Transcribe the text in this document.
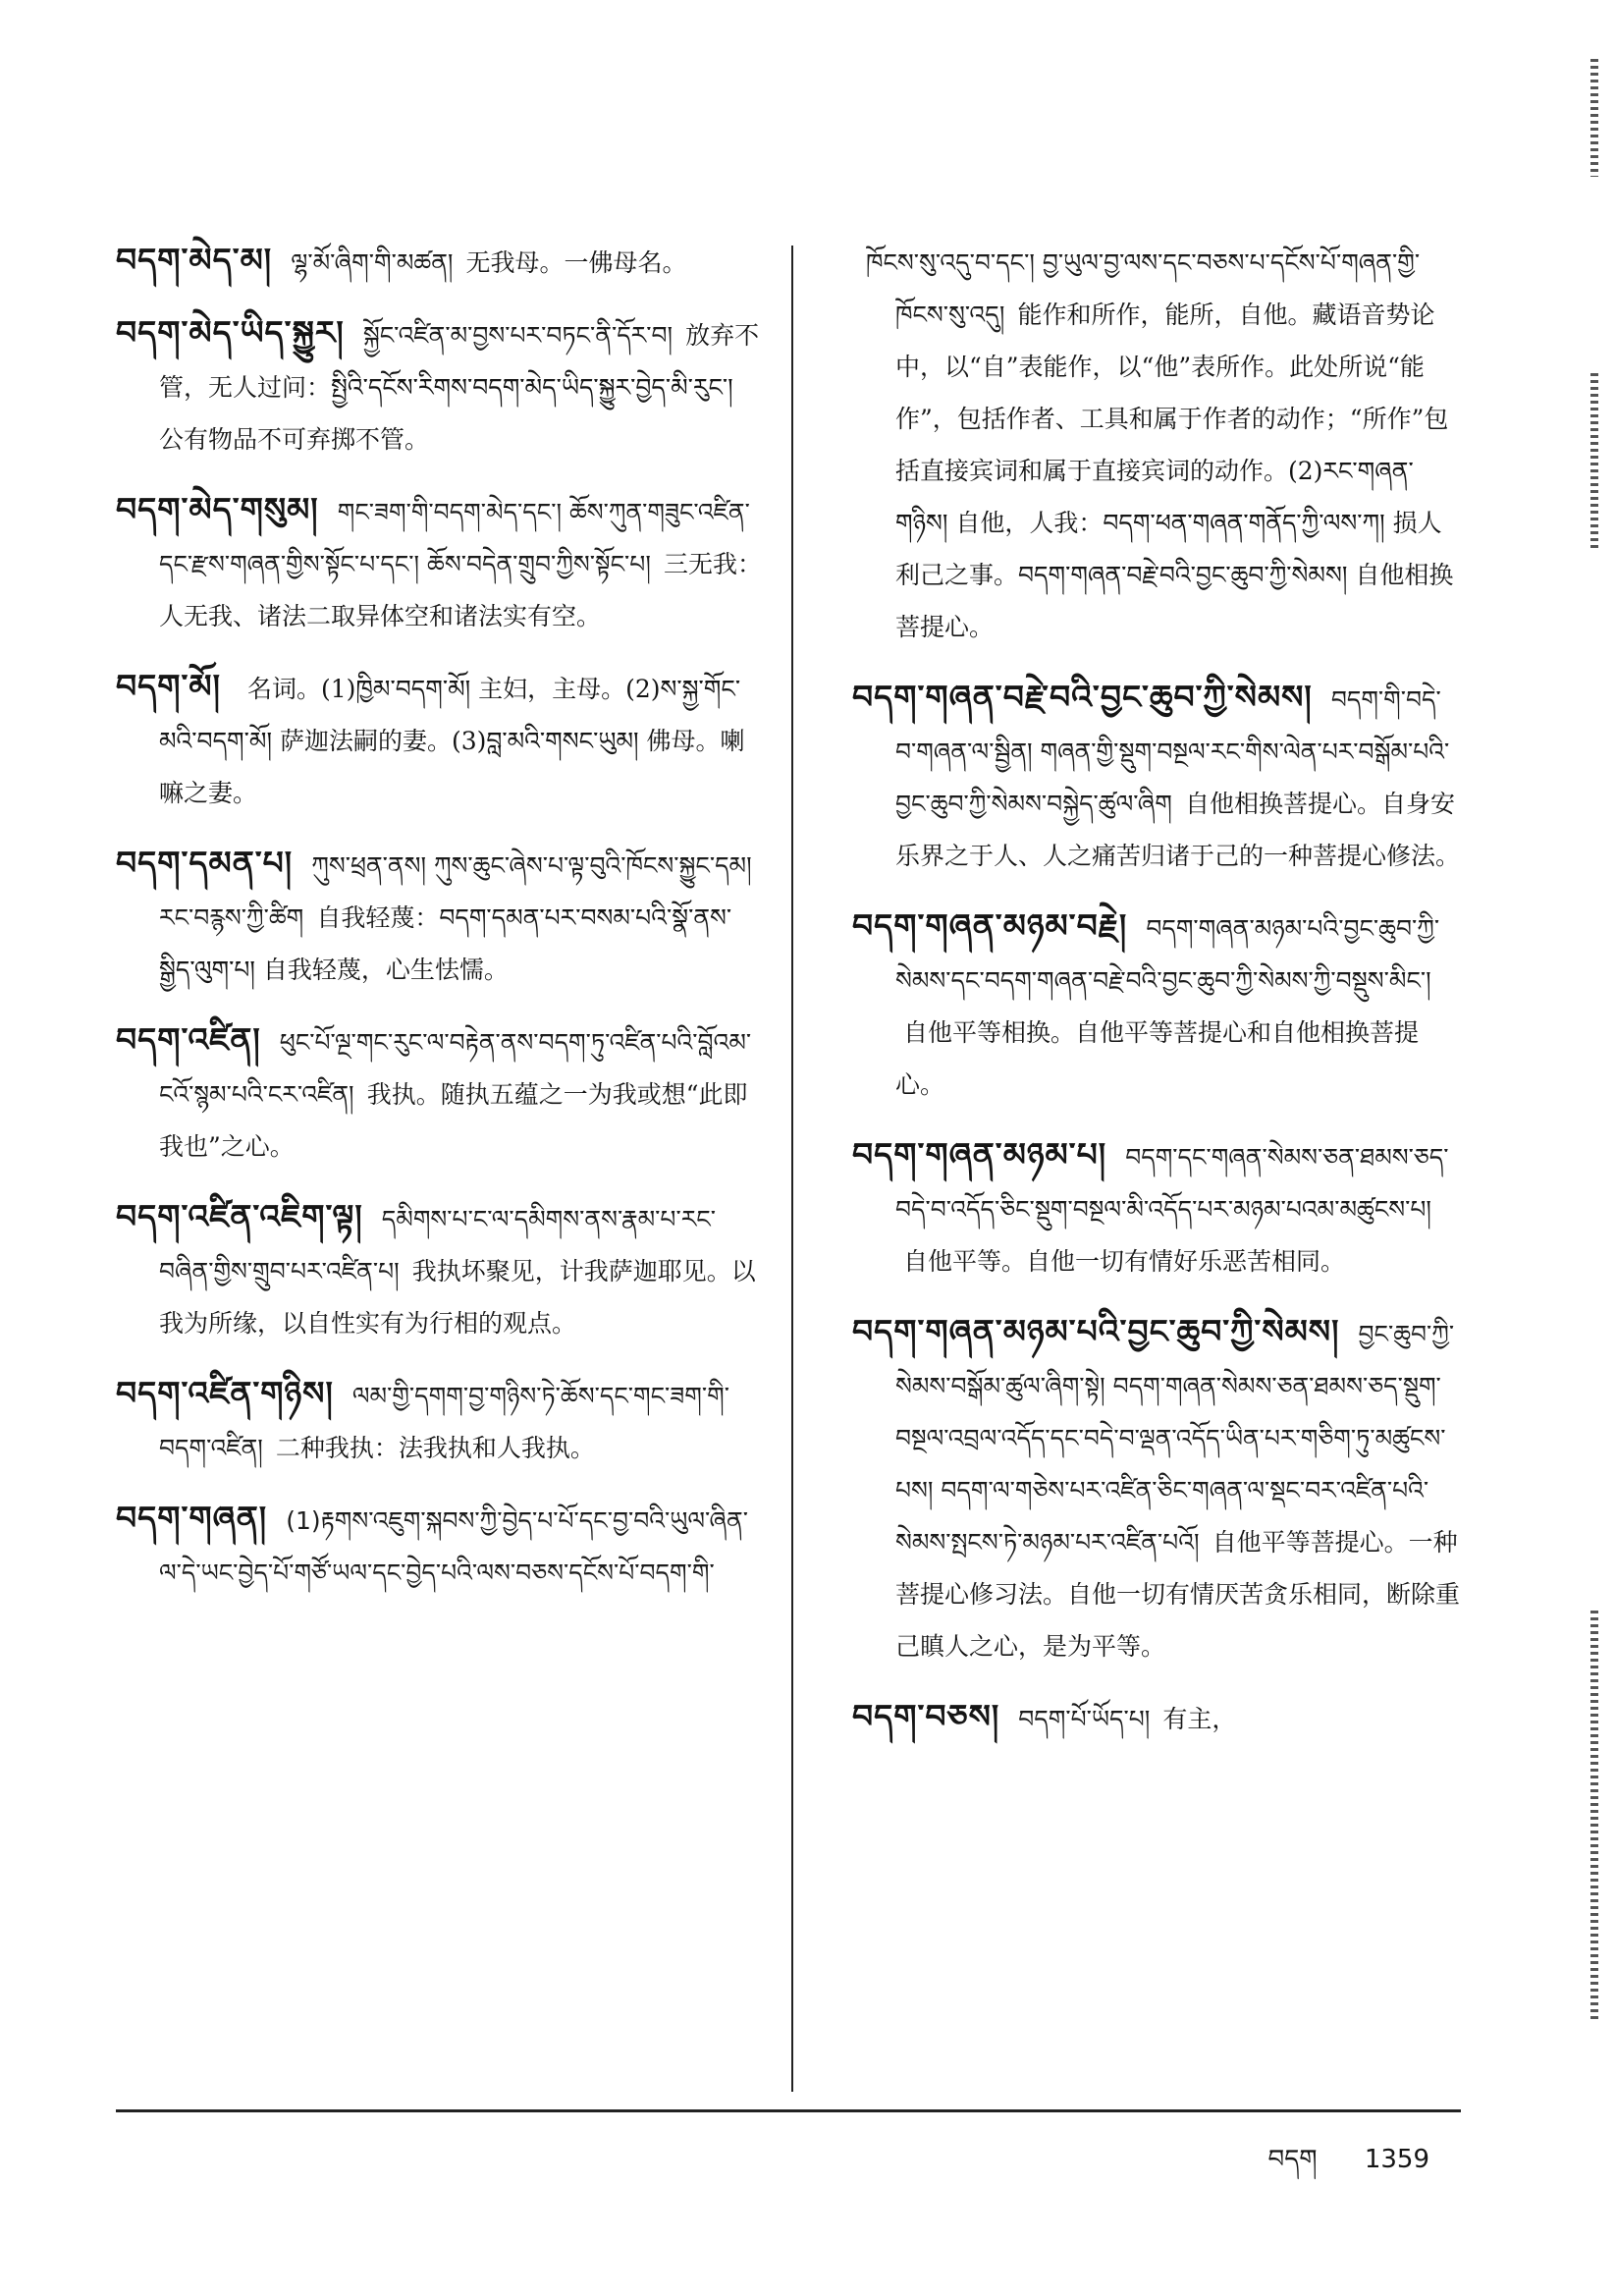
བདག་མེད་མ། ལྷ་མོ་ཞིག་གི་མཚན། 无我母。一佛母名。
བདག་མེད་ཡིད་སྐྱུར། སྐྱོང་འཛིན་མ་བྱས་པར་བཏང་ནི་དོར་བ། 放弃不管，无人过问：སྤྱིའི་དངོས་རིགས་བདག་མེད་ཡིད་སྐྱུར་བྱེད་མི་རུང་། 公有物品不可弃掷不管。
བདག་མེད་གསུམ། གང་ཟག་གི་བདག་མེད་དང་། ཆོས་ཀུན་གཟུང་འཛིན་དང་རྫས་གཞན་གྱིས་སྟོང་པ་དང་། ཆོས་བདེན་གྲུབ་ཀྱིས་སྟོང་པ། 三无我：人无我、诸法二取异体空和诸法实有空。
བདག་མོ། 名词。(1)ཁྱིམ་བདག་མོ། 主妇，主母。(2)ས་སྐྱ་གོང་མའི་བདག་མོ། 萨迦法嗣的妻。(3)བླ་མའི་གསང་ཡུམ། 佛母。喇嘛之妻。
བདག་དམན་པ། ཀུས་ཕྲན་ནས། ཀུས་ཆུང་ཞེས་པ་ལྟ་བུའི་ཁོངས་སྐྱུང་དམ། རང་བརྙས་ཀྱི་ཚིག 自我轻蔑：བདག་དམན་པར་བསམ་པའི་སྣོ་ནས་སྒྱིད་ལུག་པ། 自我轻蔑，心生怯懦。
བདག་འཛིན། ཕུང་པོ་ལྔ་གང་རུང་ལ་བརྟེན་ནས་བདག་ཏུ་འཛིན་པའི་བློའམ་ངའོ་སྙམ་པའི་ངར་འཛིན། 我执。随执五蕴之一为我或想“此即我也”之心。
བདག་འཛིན་འཇིག་ལྟ། དམིགས་པ་ང་ལ་དམིགས་ནས་རྣམ་པ་རང་བཞིན་གྱིས་གྲུབ་པར་འཛིན་པ། 我执坏聚见，计我萨迦耶见。以我为所缘，以自性实有为行相的观点。
བདག་འཛིན་གཉིས། ལམ་གྱི་དགག་བྱ་གཉིས་ཏེ་ཆོས་དང་གང་ཟག་གི་བདག་འཛིན། 二种我执：法我执和人我执。
བདག་གཞན། (1)རྟགས་འཇུག་སྐབས་ཀྱི་བྱེད་པ་པོ་དང་བྱ་བའི་ཡུལ་ཞིན་ལ་དེ་ཡང་བྱེད་པོ་གཙོ་ཡལ་དང་བྱེད་པའི་ལས་བཅས་དངོས་པོ་བདག་གི་
ཁོངས་སུ་འདུ་བ་དང་། བྱ་ཡུལ་བྱ་ལས་དང་བཅས་པ་དངོས་པོ་གཞན་གྱི་ཁོངས་སུ་འདུ། 能作和所作，能所，自他。藏语音势论中，以“自”表能作，以“他”表所作。此处所说“能作”，包括作者、工具和属于作者的动作；“所作”包括直接宾词和属于直接宾词的动作。(2)རང་གཞན་གཉིས། 自他，人我：བདག་ཕན་གཞན་གནོད་ཀྱི་ལས་ཀ། 损人利己之事。བདག་གཞན་བརྗེ་བའི་བྱང་ཆུབ་ཀྱི་སེམས། 自他相换菩提心。
བདག་གཞན་བརྗེ་བའི་བྱང་ཆུབ་ཀྱི་སེམས། བདག་གི་བདེ་བ་གཞན་ལ་སྦྱིན། གཞན་གྱི་སྡུག་བསྔལ་རང་གིས་ལེན་པར་བསྒོམ་པའི་བྱང་ཆུབ་ཀྱི་སེམས་བསྐྱེད་ཚུལ་ཞིག 自他相换菩提心。自身安乐界之于人、人之痛苦归诸于己的一种菩提心修法。
བདག་གཞན་མཉམ་བརྗེ། བདག་གཞན་མཉམ་པའི་བྱང་ཆུབ་ཀྱི་སེམས་དང་བདག་གཞན་བརྗེ་བའི་བྱང་ཆུབ་ཀྱི་སེམས་ཀྱི་བསྡུས་མིང་། 自他平等相换。自他平等菩提心和自他相换菩提心。
བདག་གཞན་མཉམ་པ། བདག་དང་གཞན་སེམས་ཅན་ཐམས་ཅད་བདེ་བ་འདོད་ཅིང་སྡུག་བསྔལ་མི་འདོད་པར་མཉམ་པའམ་མཚུངས་པ། 自他平等。自他一切有情好乐恶苦相同。
བདག་གཞན་མཉམ་པའི་བྱང་ཆུབ་ཀྱི་སེམས། བྱང་ཆུབ་ཀྱི་སེམས་བསྒོམ་ཚུལ་ཞིག་སྟེ། བདག་གཞན་སེམས་ཅན་ཐམས་ཅད་སྡུག་བསྔལ་འབྲལ་འདོད་དང་བདེ་བ་ལྡན་འདོད་ཡིན་པར་གཅིག་ཏུ་མཚུངས་པས། བདག་ལ་གཅེས་པར་འཛིན་ཅིང་གཞན་ལ་སྡང་བར་འཛིན་པའི་སེམས་སྤངས་ཏེ་མཉམ་པར་འཛིན་པའོ། 自他平等菩提心。一种菩提心修习法。自他一切有情厌苦贪乐相同，断除重己瞋人之心，是为平等。
བདག་བཅས། བདག་པོ་ཡོད་པ། 有主，
བདག 1359
